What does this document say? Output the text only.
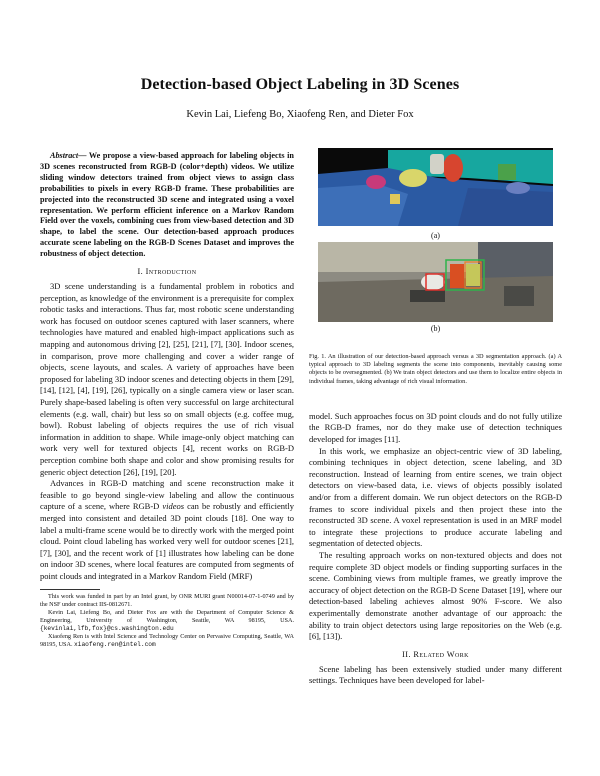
Detection-based Object Labeling in 3D Scenes
Kevin Lai, Liefeng Bo, Xiaofeng Ren, and Dieter Fox

Abstract— We propose a view-based approach for labeling objects in 3D scenes reconstructed from RGB-D (color+depth) videos. We utilize sliding window detectors trained from object views to assign class probabilities to pixels in every RGB-D frame. These probabilities are projected into the reconstructed 3D scene and integrated using a voxel representation. We perform efficient inference on a Markov Random Field over the voxels, combining cues from view-based detection and 3D shape, to label the scene. Our detection-based approach produces accurate scene labeling on the RGB-D Scenes Dataset and improves the robustness of object detection.

I. Introduction

3D scene understanding is a fundamental problem in robotics and perception, as knowledge of the environment is a prerequisite for complex robotic tasks and interactions. Thus far, most robotic scene understanding work has focused on outdoor scenes captured with laser scanners, where technologies have matured and enabled high-impact applications such as mapping and autonomous driving [2], [25], [21], [7], [30]. Indoor scenes, in comparison, prove more challenging and cover a wider range of objects, scene layouts, and scales. A variety of approaches have been proposed for labeling 3D indoor scenes and detecting objects in them [29], [14], [12], [4], [19], [26], typically on a single camera view or laser scan. Purely shape-based labeling is often very successful on large architectural elements (e.g. wall, chair) but less so on small objects (e.g. coffee mug, bowl). Robust labeling of objects requires the use of rich visual information in addition to shape. While image-only object matching can work very well for textured objects [4], recent works on RGB-D perception combine both shape and color and show promising results for generic object detection [26], [19], [20].

Advances in RGB-D matching and scene reconstruction make it feasible to go beyond single-view labeling and allow the continuous capture of a scene, where RGB-D videos can be robustly and efficiently merged into consistent and detailed 3D point clouds [18]. One way to label a multi-frame scene would be to directly work with the merged point cloud. Point cloud labeling has worked very well for outdoor scenes [21], [7], [30], and the recent work of [1] illustrates how labeling can be done on indoor 3D scenes, where local features are computed from segments of point clouds and integrated in a Markov Random Field (MRF)

This work was funded in part by an Intel grant, by ONR MURI grant N00014-07-1-0749 and by the NSF under contract IIS-0812671.

Kevin Lai, Liefeng Bo, and Dieter Fox are with the Department of Computer Science & Engineering, University of Washington, Seattle, WA 98195, USA. {kevinlai,lfb,fox}@cs.washington.edu

Xiaofeng Ren is with Intel Science and Technology Center on Pervasive Computing, Seattle, WA 98195, USA. xiaofeng.ren@intel.com

(a)
(b)
Fig. 1. An illustration of our detection-based approach versus a 3D segmentation approach. (a) A typical approach to 3D labeling segments the scene into components, inevitably causing some objects to be oversegmented. (b) We train object detectors and use them to localize entire objects in individual frames, taking advantage of rich visual information.

model. Such approaches focus on 3D point clouds and do not fully utilize the RGB-D frames, nor do they make use of detection techniques developed for images [11].

In this work, we emphasize an object-centric view of 3D labeling, combining techniques in object detection, scene labeling, and 3D reconstruction. Instead of learning from entire scenes, we train object detectors on view-based data, i.e. views of objects possibly isolated and/or from a different domain. We run object detectors on the RGB-D frames to score individual pixels and then project these into the reconstructed 3D scene. A voxel representation is used in an MRF model to integrate these projections to produce accurate labeling and segmentation of detected objects.

The resulting approach works on non-textured objects and does not require complete 3D object models or finding supporting surfaces in the scene. Combining views from multiple frames, we greatly improve the accuracy of object detection on the RGB-D Scene Dataset [19], where our detection-based labeling achieves almost 90% F-score. We also experimentally demonstrate another advantage of our approach: the ability to train object detectors using large repositories on the Web (e.g. [6], [13]).

II. Related Work

Scene labeling has been extensively studied under many different settings. Techniques have been developed for label-
